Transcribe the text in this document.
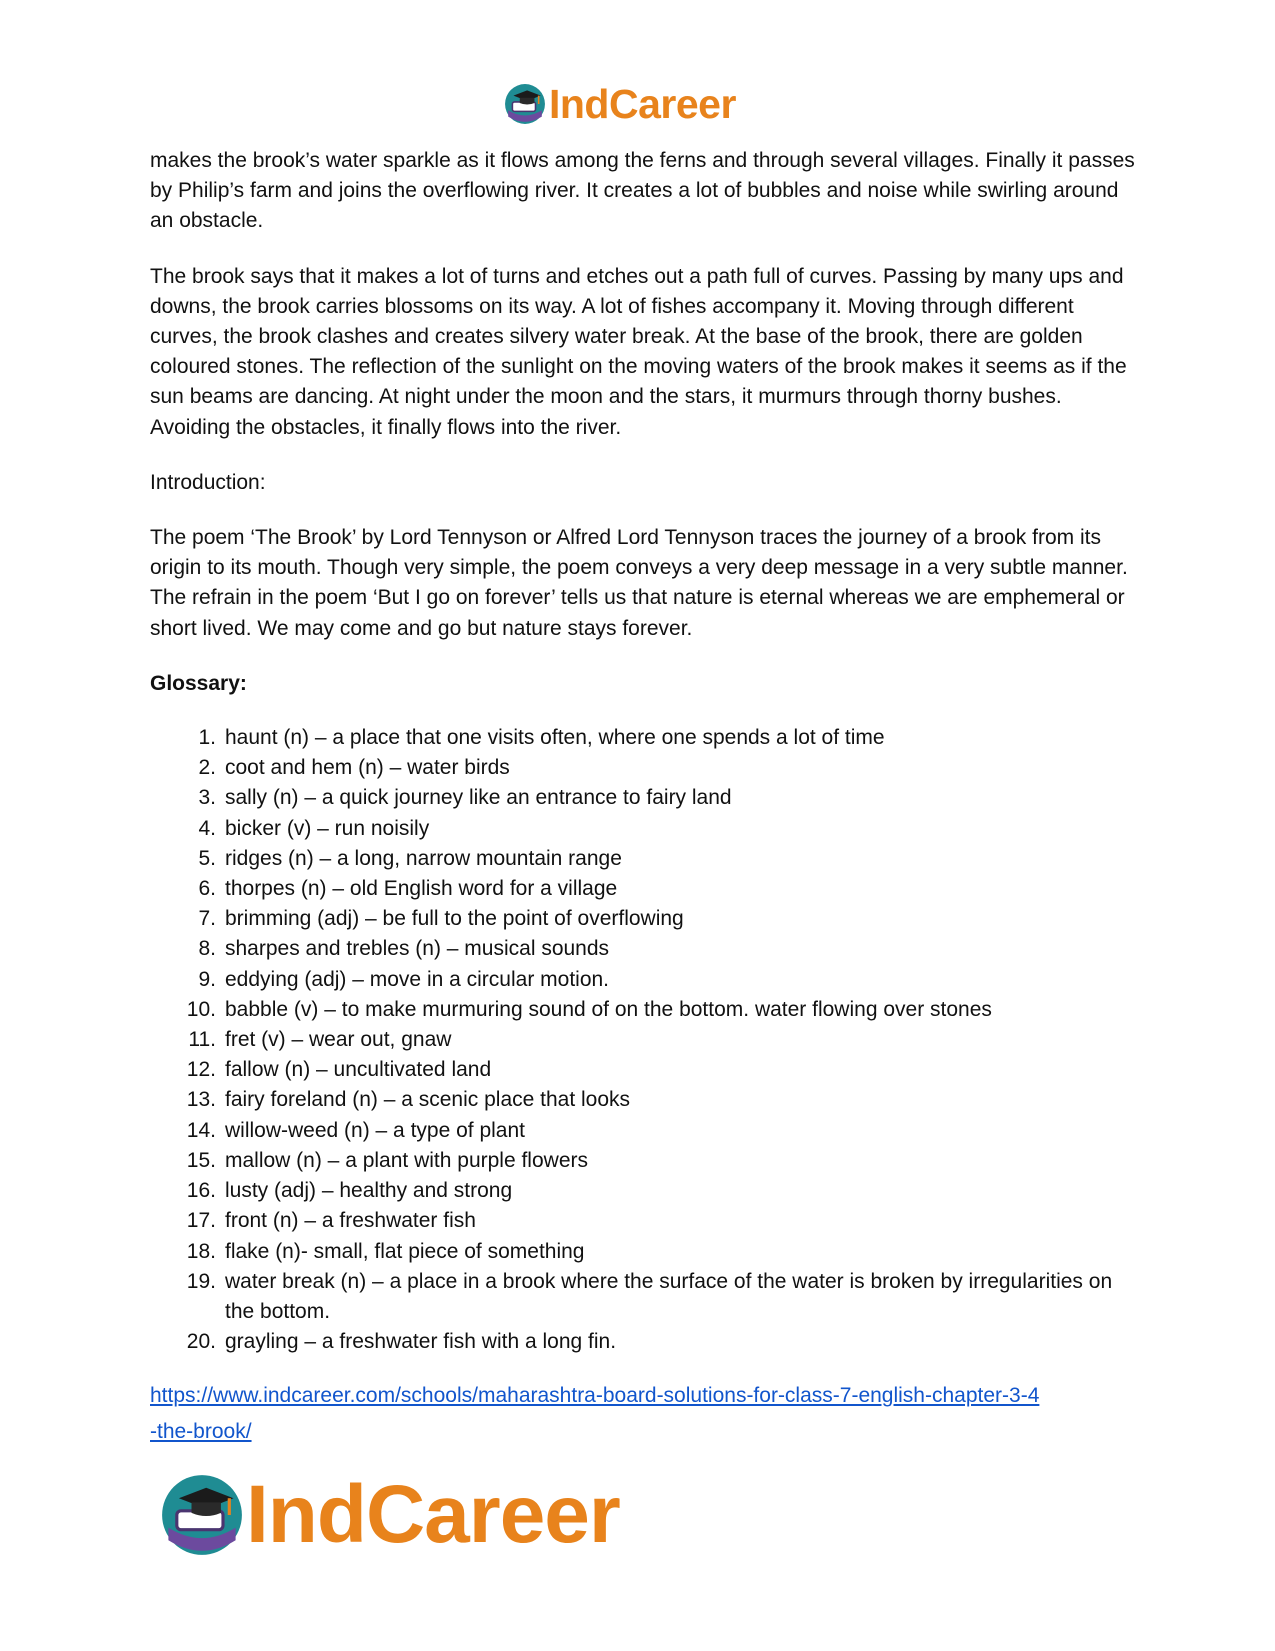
IndCareer

makes the brook’s water sparkle as it flows among the ferns and through several villages. Finally it passes by Philip’s farm and joins the overflowing river. It creates a lot of bubbles and noise while swirling around an obstacle.

The brook says that it makes a lot of turns and etches out a path full of curves. Passing by many ups and downs, the brook carries blossoms on its way. A lot of fishes accompany it. Moving through different curves, the brook clashes and creates silvery water break. At the base of the brook, there are golden coloured stones. The reflection of the sunlight on the moving waters of the brook makes it seems as if the sun beams are dancing. At night under the moon and the stars, it murmurs through thorny bushes. Avoiding the obstacles, it finally flows into the river.

Introduction:

The poem ‘The Brook’ by Lord Tennyson or Alfred Lord Tennyson traces the journey of a brook from its origin to its mouth. Though very simple, the poem conveys a very deep message in a very subtle manner. The refrain in the poem ‘But I go on forever’ tells us that nature is eternal whereas we are emphemeral or short lived. We may come and go but nature stays forever.

Glossary:
1. haunt (n) – a place that one visits often, where one spends a lot of time
2. coot and hem (n) – water birds
3. sally (n) – a quick journey like an entrance to fairy land
4. bicker (v) – run noisily
5. ridges (n) – a long, narrow mountain range
6. thorpes (n) – old English word for a village
7. brimming (adj) – be full to the point of overflowing
8. sharpes and trebles (n) – musical sounds
9. eddying (adj) – move in a circular motion.
10. babble (v) – to make murmuring sound of on the bottom. water flowing over stones
11. fret (v) – wear out, gnaw
12. fallow (n) – uncultivated land
13. fairy foreland (n) – a scenic place that looks
14. willow-weed (n) – a type of plant
15. mallow (n) – a plant with purple flowers
16. lusty (adj) – healthy and strong
17. front (n) – a freshwater fish
18. flake (n)- small, flat piece of something
19. water break (n) – a place in a brook where the surface of the water is broken by irregularities on the bottom.
20. grayling – a freshwater fish with a long fin.
https://www.indcareer.com/schools/maharashtra-board-solutions-for-class-7-english-chapter-3-4
-the-brook/
IndCareer
